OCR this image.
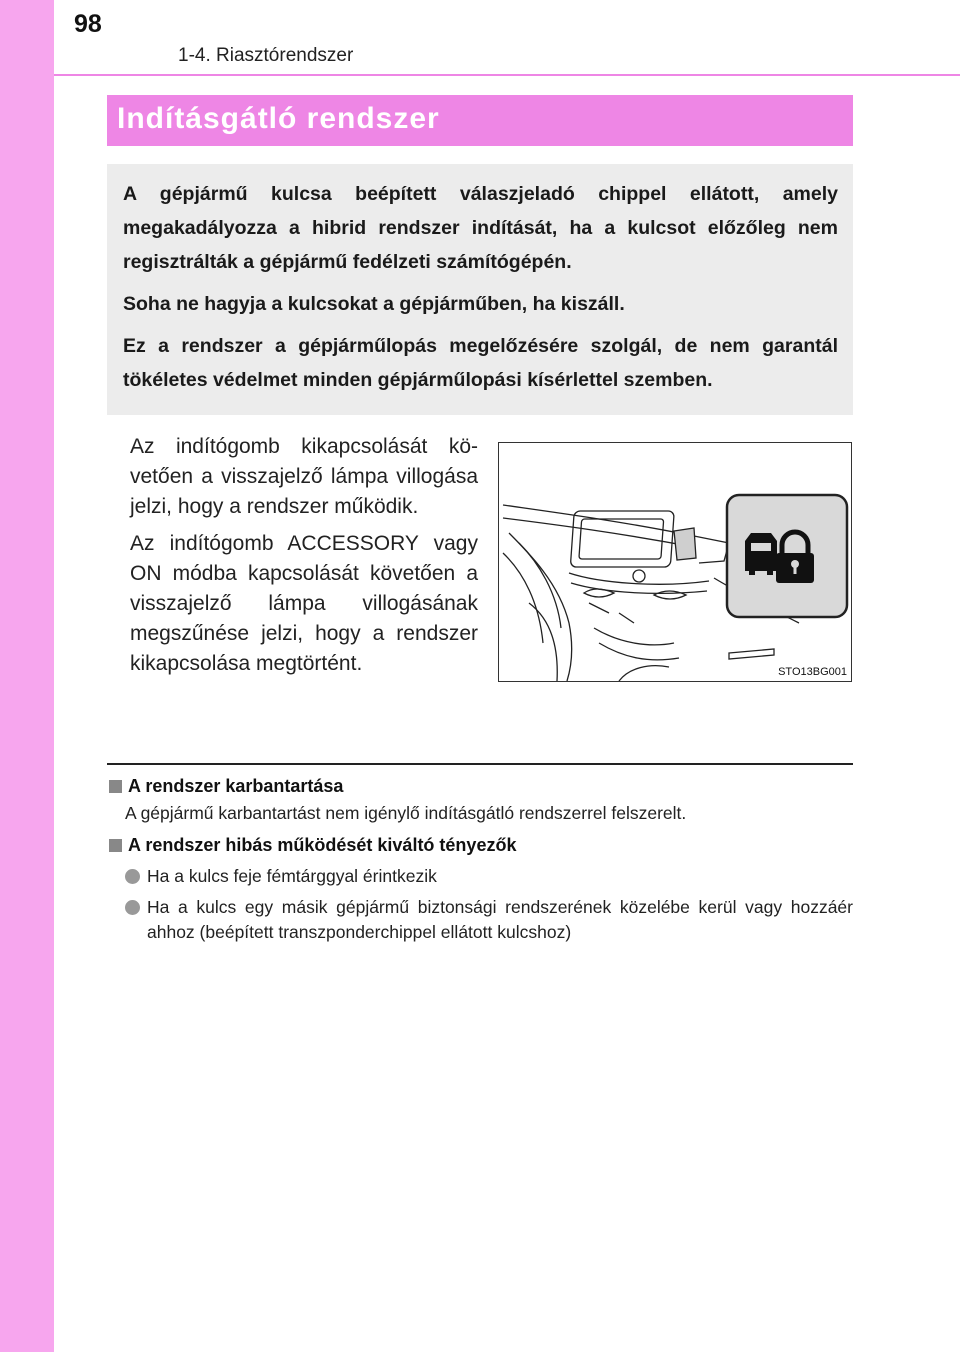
98
1-4. Riasztórendszer
Indításgátló rendszer

A gépjármű kulcsa beépített válaszjeladó chippel ellátott, amely megakadályozza a hibrid rendszer indítását, ha a kulcsot előzőleg nem regisztrálták a gépjármű fedélzeti számítógépén.

Soha ne hagyja a kulcsokat a gépjárműben, ha kiszáll.

Ez a rendszer a gépjárműlopás megelőzésére szolgál, de nem garantál tökéletes védelmet minden gépjárműlopási kísérlettel szemben.

Az indítógomb kikapcsolását követően a visszajelző lámpa villogása jelzi, hogy a rendszer működik.

Az indítógomb ACCESSORY vagy ON módba kapcsolását követően a visszajelző lámpa villogásának megszűnése jelzi, hogy a rendszer kikapcsolása megtörtént.	STO13BG001

A rendszer karbantartása

A gépjármű karbantartást nem igénylő indításgátló rendszerrel felszerelt.

A rendszer hibás működését kiváltó tényezők

Ha a kulcs feje fémtárggyal érintkezik
Ha a kulcs egy másik gépjármű biztonsági rendszerének közelébe kerül vagy hozzáér ahhoz (beépített transzponderchippel ellátott kulcshoz)
